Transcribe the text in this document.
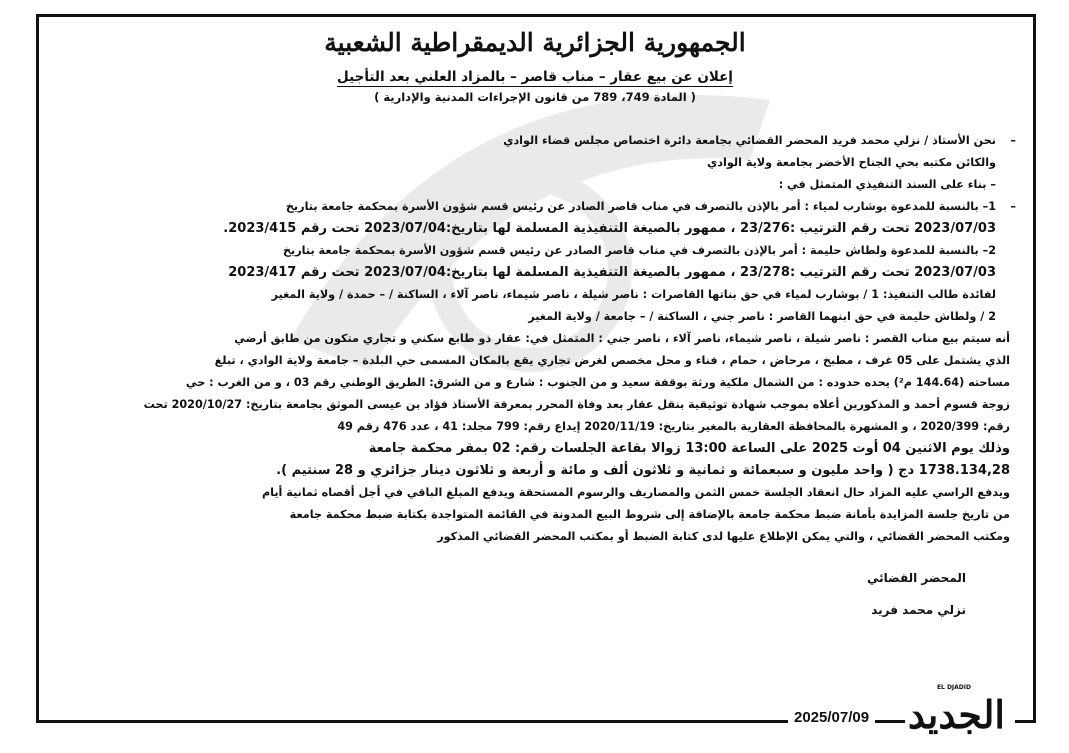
الجمهورية الجزائرية الديمقراطية الشعبية
إعلان عن بيع عقار – مناب قاصر – بالمزاد العلني بعد التأجيل
( المادة 749، 789 من قانون الإجراءات المدنية والإدارية )
– نحن الأستاذ / نزلي محمد فريد المحضر القضائي بجامعة دائرة اختصاص مجلس قضاء الوادي
والكائن مكتبه بحي الجناح الأخضر بجامعة ولاية الوادي
– بناء على السند التنفيذي المتمثل في :
– 1– بالنسبة للمدعوة بوشارب لمياء : أمر بالإذن بالتصرف في مناب قاصر الصادر عن رئيس قسم شؤون الأسرة بمحكمة جامعة بتاريخ
2023/07/03 تحت رقم الترتيب :23/276 ، ممهور بالصيغة التنفيذية المسلمة لها بتاريخ:2023/07/04 تحت رقم 2023/415.
2– بالنسبة للمدعوة ولطاش حليمة : أمر بالإذن بالتصرف في مناب قاصر الصادر عن رئيس قسم شؤون الأسرة بمحكمة جامعة بتاريخ
2023/07/03 تحت رقم الترتيب :23/278 ، ممهور بالصيغة التنفيذية المسلمة لها بتاريخ:2023/07/04 تحت رقم 2023/417
لفائدة طالب التنفيذ: 1 / بوشارب لمياء في حق بناتها القاصرات : ناصر شيلة ، ناصر شيماء، ناصر آلاء ، الساكنة / – حمدة / ولاية المغير
2 / ولطاش حليمة في حق ابنهما القاصر : ناصر جني ، الساكنة / – جامعة / ولاية المغير
أنه سيتم بيع مناب القصر : ناصر شيلة ، ناصر شيماء، ناصر آلاء ، ناصر جني : المتمثل في: عقار ذو طابع سكني و تجاري متكون من طابق أرضي
الذي يشتمل على 05 غرف ، مطبخ ، مرحاض ، حمام ، فناء و محل مخصص لغرض تجاري يقع بالمكان المسمى حي البلدة – جامعة ولاية الوادي ، تبلغ
مساحته (144.64 م²) يحده حدوده : من الشمال ملكية ورثة بوقفة سعيد و من الجنوب : شارع و من الشرق: الطريق الوطني رقم 03 ، و من الغرب : حي
زوجة قسوم أحمد و المذكورين أعلاه بموجب شهادة توثيقية بنقل عقار بعد وفاة المحرر بمعرفة الأستاذ فؤاد بن عيسى الموثق بجامعة بتاريخ: 2020/10/27 تحت
رقم: 2020/399 ، و المشهرة بالمحافظة العقارية بالمغير بتاريخ: 2020/11/19 إيداع رقم: 799 مجلد: 41 ، عدد 476 رقم 49
وذلك يوم الاثنين 04 أوت 2025 على الساعة 13:00 زوالا بقاعة الجلسات رقم: 02 بمقر محكمة جامعة
1738.134,28 دج ( واحد مليون و سبعمائة و ثمانية و ثلاثون ألف و مائة و أربعة و ثلاثون دينار جزائري و 28 سنتيم ).
ويدفع الراسي عليه المزاد حال انعقاد الجلسة خمس الثمن والمصاريف والرسوم المستحقة ويدفع المبلغ الباقي في أجل أقصاه ثمانية أيام
من تاريخ جلسة المزايدة بأمانة ضبط محكمة جامعة بالإضافة إلى شروط البيع المدونة في القائمة المتواجدة بكتابة ضبط محكمة جامعة
ومكتب المحضر القضائي ، والتي يمكن الإطلاع عليها لدى كتابة الضبط أو بمكتب المحضر القضائي المذكور
المحضر القضائي
نزلي محمد فريد
2025/07/09
EL DJADID
الجديد
